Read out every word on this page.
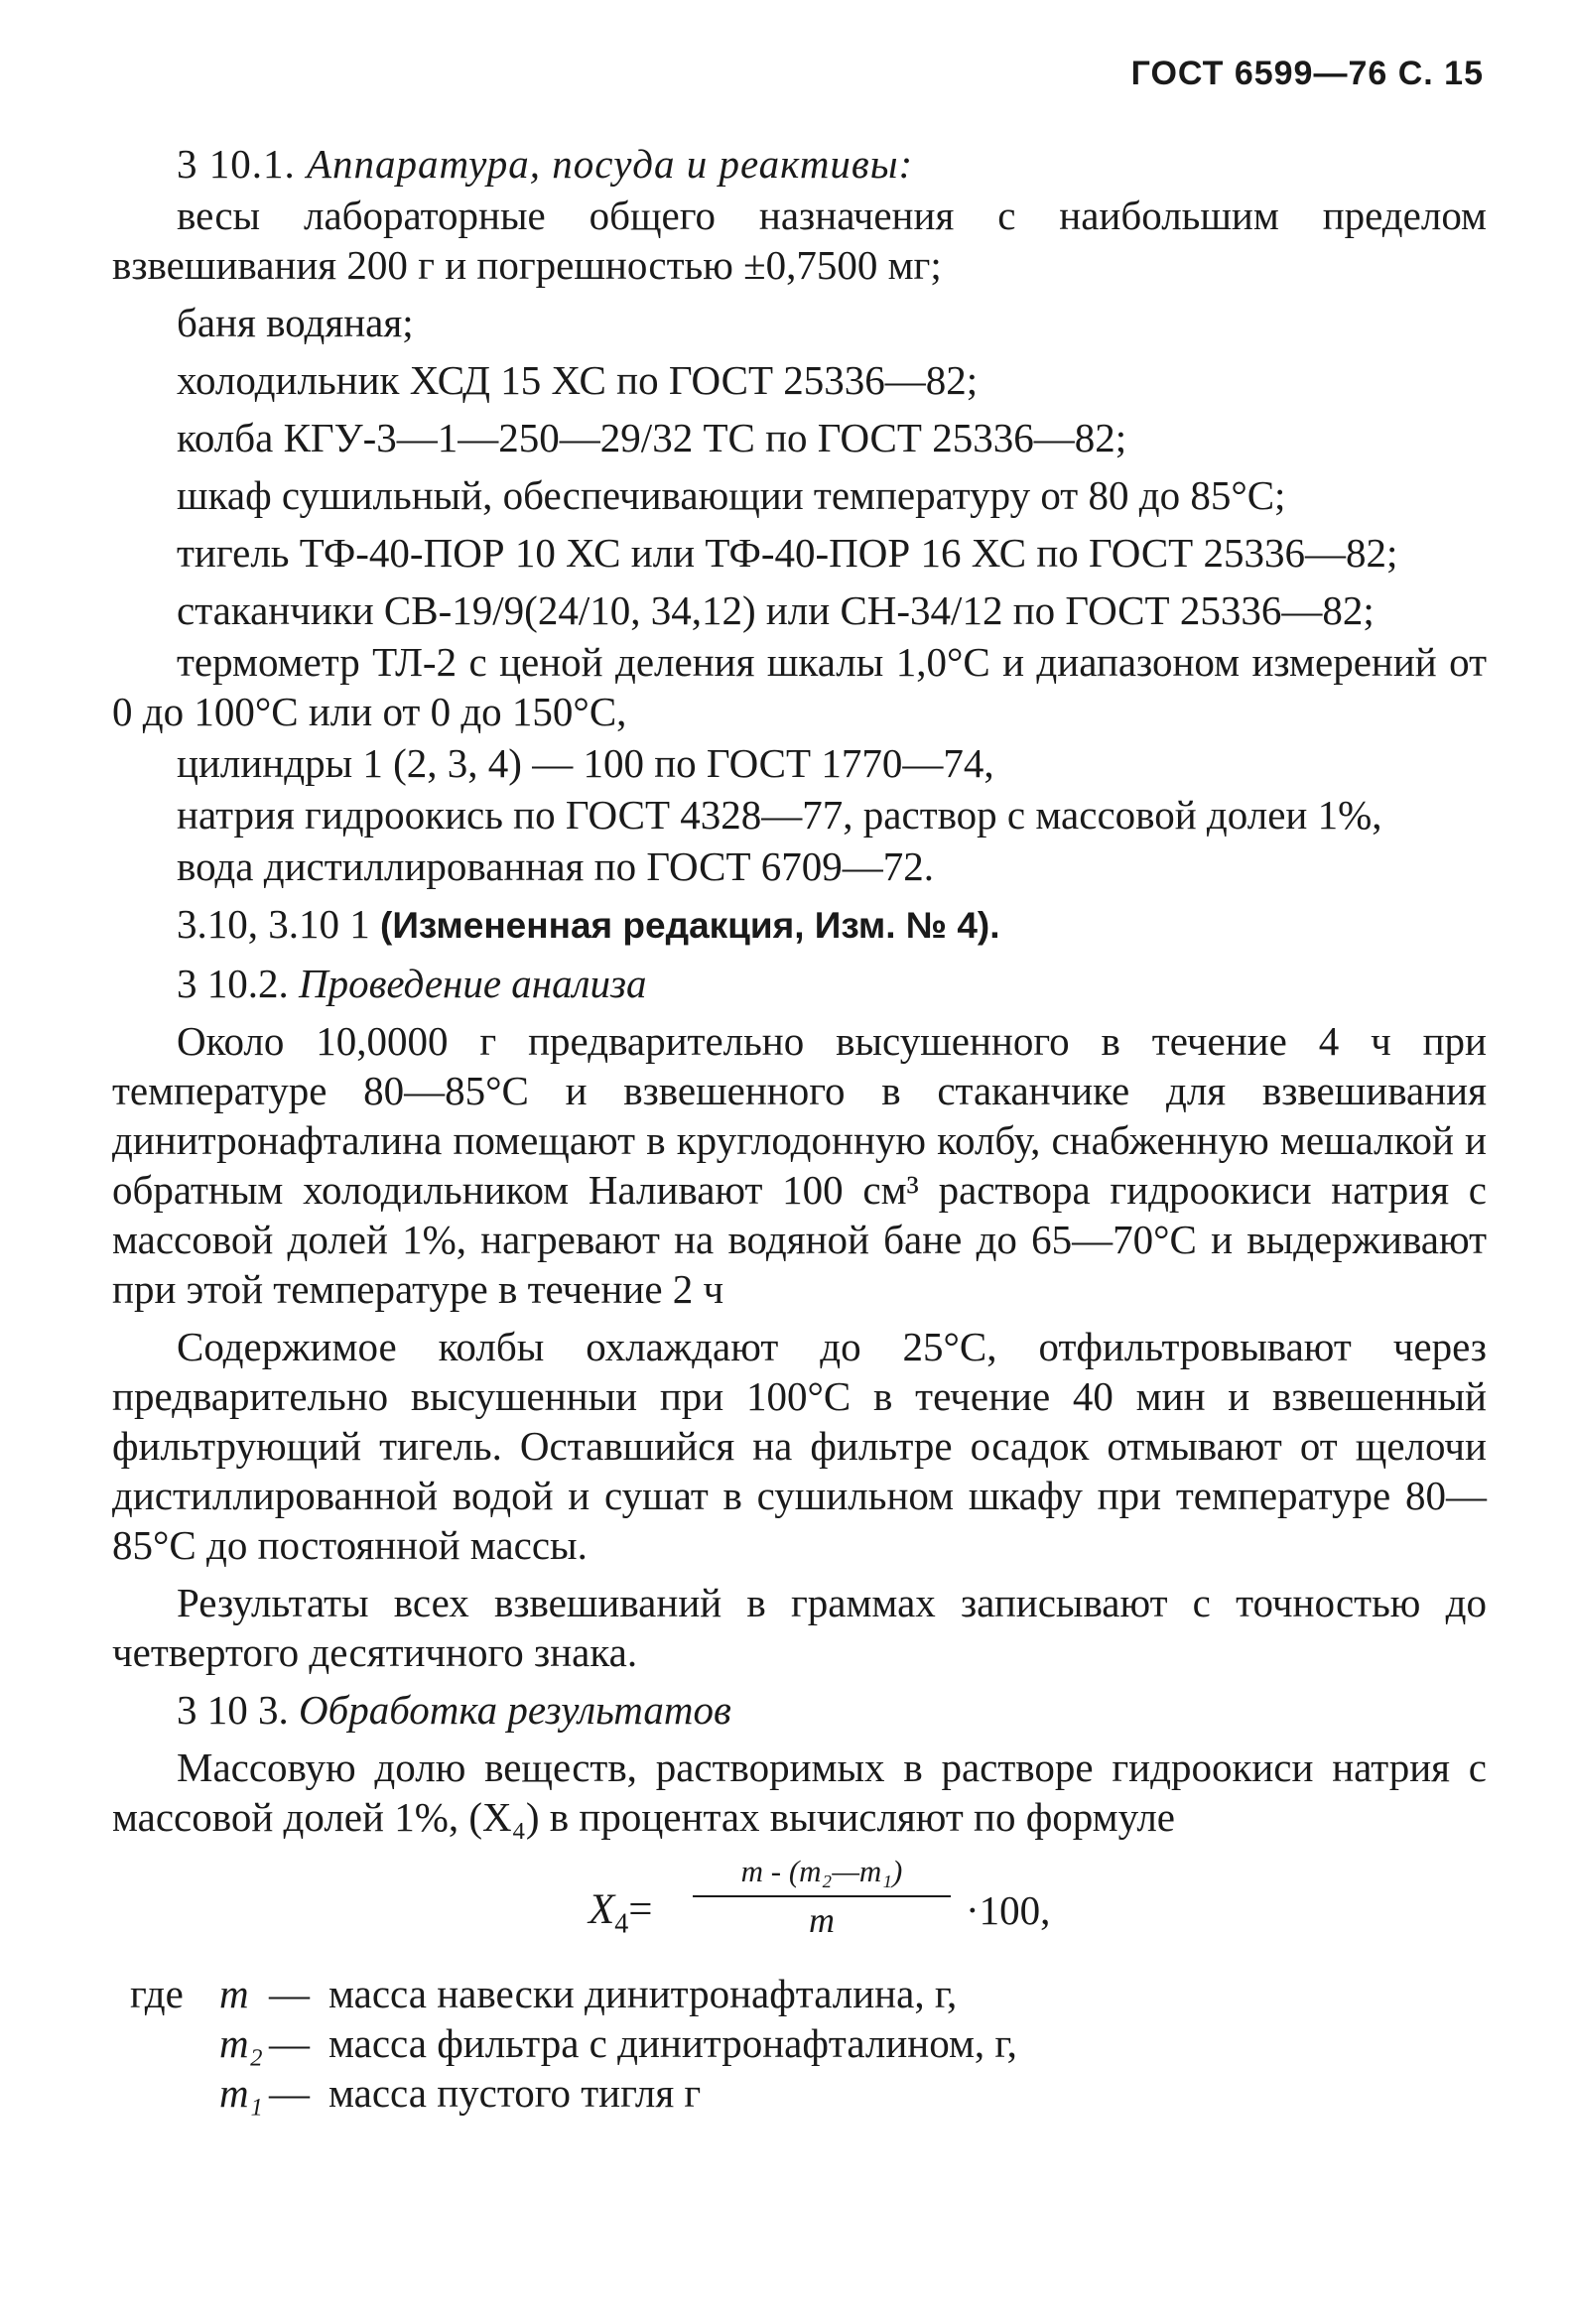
ГОСТ 6599—76 С. 15

3 10.1. Аппаратура, посуда и реактивы:

весы лабораторные общего назначения с наибольшим пределом взвешивания 200 г и погрешностью ±0,7500 мг;

баня водяная;

холодильник ХСД 15 ХС по ГОСТ 25336—82;

колба КГУ-3—1—250—29/32 ТС по ГОСТ 25336—82;

шкаф сушильный, обеспечивающии температуру от 80 до 85°С;

тигель ТФ-40-ПОР 10 ХС или ТФ-40-ПОР 16 ХС по ГОСТ 25336—82;

стаканчики СВ-19/9(24/10, 34,12) или СН-34/12 по ГОСТ 25336—82;

термометр ТЛ-2 с ценой деления шкалы 1,0°С и диапазоном измерений от 0 до 100°С или от 0 до 150°С,

цилиндры 1 (2, 3, 4) — 100 по ГОСТ 1770—74,

натрия гидроокись по ГОСТ 4328—77, раствор с массовой долеи 1%,

вода дистиллированная по ГОСТ 6709—72.

3.10, 3.10 1 (Измененная редакция, Изм. № 4).

3 10.2. Проведение анализа

Около 10,0000 г предварительно высушенного в течение 4 ч при температуре 80—85°С и взвешенного в стаканчике для взвешивания динитронафталина помещают в круглодонную колбу, снабженную мешалкой и обратным холодильником Наливают 100 см³ раствора гидроокиси натрия с массовой долей 1%, нагревают на водяной бане до 65—70°С и выдерживают при этой температуре в течение 2 ч

Содержимое колбы охлаждают до 25°С, отфильтровывают через предварительно высушенныи при 100°С в течение 40 мин и взвешенный фильтрующий тигель. Оставшийся на фильтре осадок отмывают от щелочи дистиллированной водой и сушат в сушильном шкафу при температуре 80—85°С до постоянной массы.

Результаты всех взвешиваний в граммах записывают с точностью до четвертого десятичного знака.

3 10 3. Обработка результатов

Массовую долю веществ, растворимых в растворе гидроокиси натрия с массовой долей 1%, (X₄) в процентах вычисляют по формуле

$X_4= \frac{\text{m - (m₂—m₁)}}{m} \cdot 100$,
где m — масса навески динитронафталина, г,
m₂ — масса фильтра с динитронафталином, г,
m₁ — масса пустого тигля г
